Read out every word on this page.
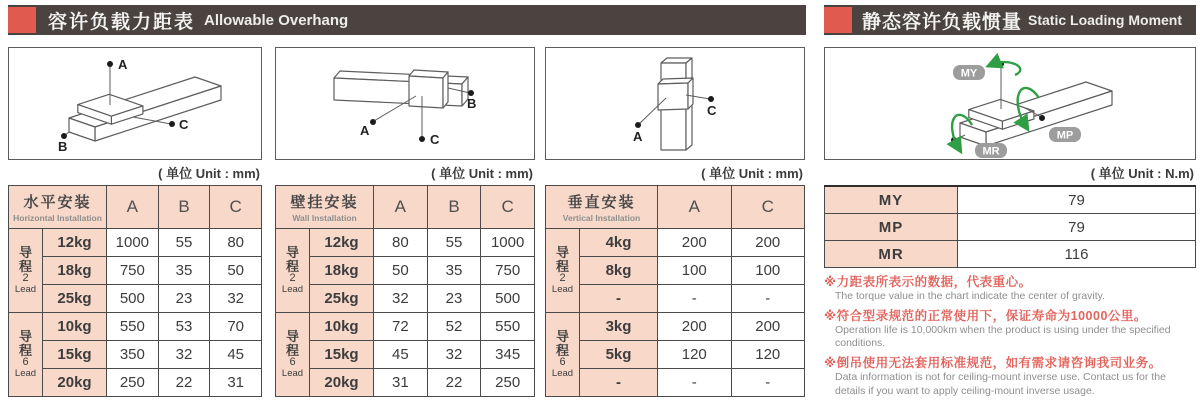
容许负载力距表 Allowable Overhang	静态容许负载惯量 Static Loading Moment
A
C
B
( 单位 Unit : mm)
水平安装
Horizontal Installation		A	B	C

导
程
2
Lead	12kg	1000	55	80
	18kg	750	35	50
	25kg	500	23	32

导
程
6
Lead	10kg	550	53	70
	15kg	350	32	45
	20kg	250	22	31
B
A
C
( 单位 Unit : mm)
壁挂安装
Wall Installation		A	B	C

导
程
2
Lead	12kg	80	55	1000
	18kg	50	35	750
	25kg	32	23	500

导
程
6
Lead	10kg	72	52	550
	15kg	45	32	345
	20kg	31	22	250
A
C
( 单位 Unit : mm)
垂直安装
Vertical Installation		A	C

导
程
2
Lead	4kg	200	200
	8kg	100	100
	-	-	-

导
程
6
Lead	3kg	200	200
	5kg	120	120
	-	-	-
MY
MP
MR
( 单位 Unit : N.m)
MY	79
MP	79
MR	116
※力距表所表示的数据，代表重心。
The torque value in the chart indicate the center of gravity.
※符合型录规范的正常使用下，保证寿命为10000公里。
Operation life is 10,000km when the product is using under the specified conditions.
※倒吊使用无法套用标准规范，如有需求请咨询我司业务。
Data information is not for ceiling-mount inverse use. Contact us for the details if you want to apply ceiling-mount inverse usage.
